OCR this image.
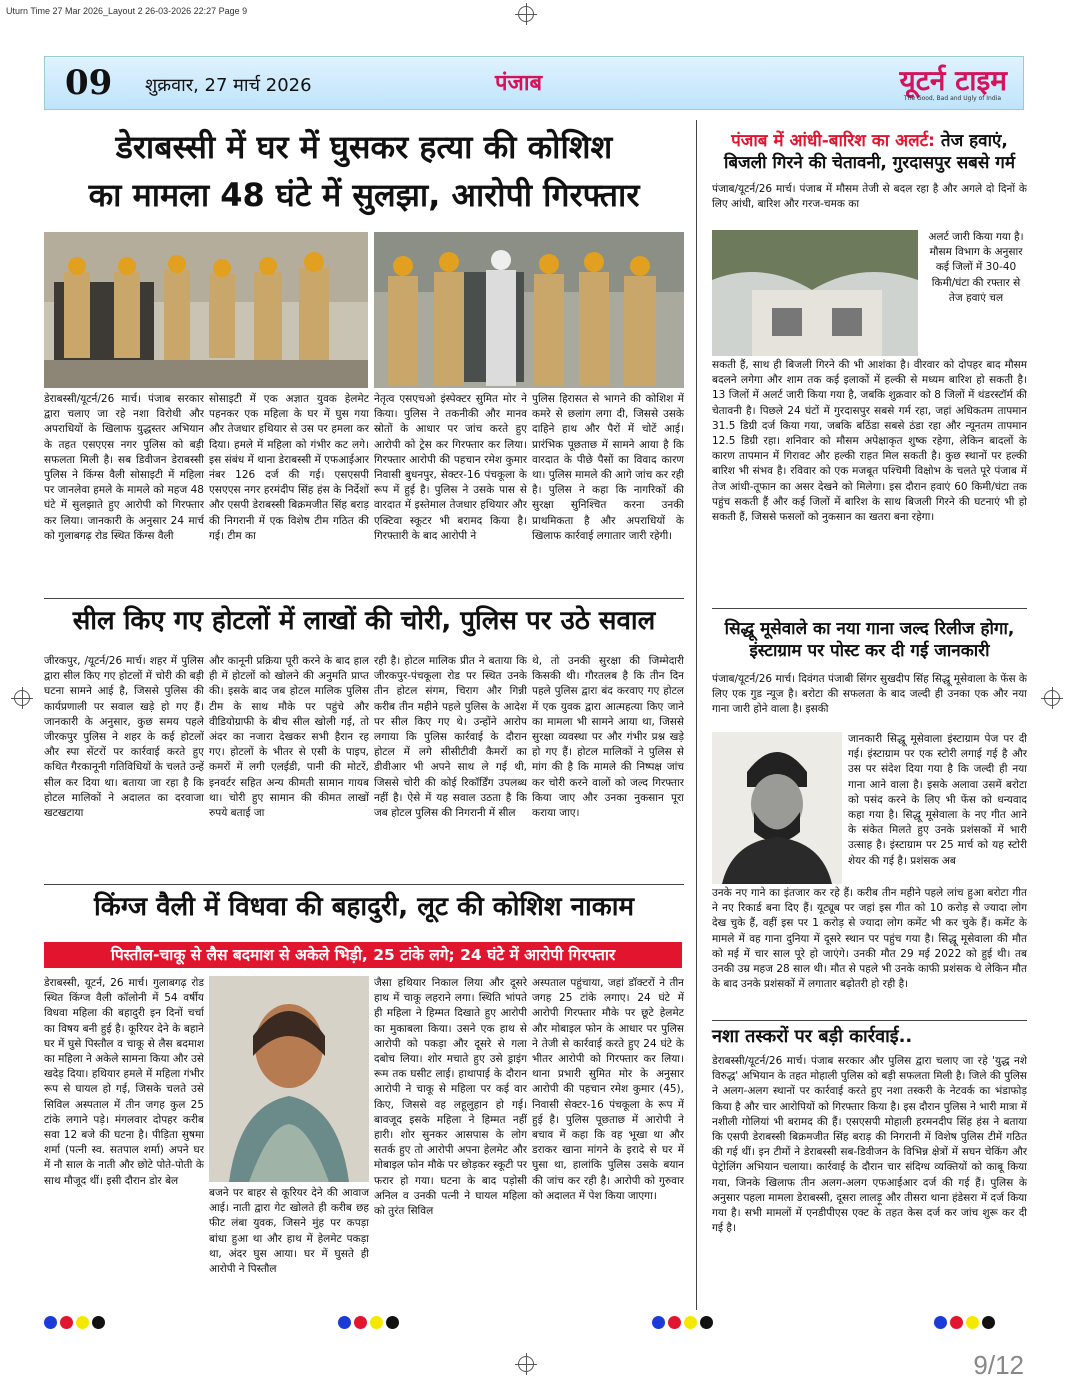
Uturn Time 27 Mar 2026_Layout 2 26-03-2026 22:27 Page 9
09 शुक्रवार, 27 मार्च 2026	पंजाब	यूटर्न टाइम
The Good, Bad and Ugly of India
डेराबस्सी में घर में घुसकर हत्या की कोशिश
का मामला 48 घंटे में सुलझा, आरोपी गिरफ्तार
डेराबस्सी/यूटर्न/26 मार्च। पंजाब सरकार द्वारा चलाए जा रहे नशा विरोधी और अपराधियों के खिलाफ युद्धस्तर अभियान के तहत एसएएस नगर पुलिस को बड़ी सफलता मिली है। सब डिवीजन डेराबस्सी पुलिस ने किंग्स वैली सोसाइटी में महिला पर जानलेवा हमले के मामले को महज 48 घंटे में सुलझाते हुए आरोपी को गिरफ्तार कर लिया। जानकारी के अनुसार 24 मार्च को गुलाबगढ़ रोड स्थित किंग्स वैली
सोसाइटी में एक अज्ञात युवक हेलमेट पहनकर एक महिला के घर में घुस गया और तेजधार हथियार से उस पर हमला कर दिया। हमले में महिला को गंभीर कट लगे। इस संबंध में थाना डेराबस्सी में एफआईआर नंबर 126 दर्ज की गई। एसएसपी एसएएस नगर हरमंदीप सिंह हंस के निर्देशों और एसपी डेराबस्सी बिक्रमजीत सिंह बराड़ की निगरानी में एक विशेष टीम गठित की गई। टीम का
नेतृत्व एसएचओ इंस्पेक्टर सुमित मोर ने किया। पुलिस ने तकनीकी और मानव स्रोतों के आधार पर जांच करते हुए आरोपी को ट्रेस कर गिरफ्तार कर लिया। गिरफ्तार आरोपी की पहचान रमेश कुमार निवासी बुधनपुर, सेक्टर-16 पंचकूला के रूप में हुई है। पुलिस ने उसके पास से वारदात में इस्तेमाल तेजधार हथियार और एक्टिवा स्कूटर भी बरामद किया है। गिरफ्तारी के बाद आरोपी ने
पुलिस हिरासत से भागने की कोशिश में कमरे से छलांग लगा दी, जिससे उसके दाहिने हाथ और पैरों में चोटें आई। प्रारंभिक पूछताछ में सामने आया है कि वारदात के पीछे पैसों का विवाद कारण था। पुलिस मामले की आगे जांच कर रही है। पुलिस ने कहा कि नागरिकों की सुरक्षा सुनिश्चित करना उनकी प्राथमिकता है और अपराधियों के खिलाफ कार्रवाई लगातार जारी रहेगी।
सील किए गए होटलों में लाखों की चोरी, पुलिस पर उठे सवाल
जीरकपुर, /यूटर्न/26 मार्च। शहर में पुलिस द्वारा सील किए गए होटलों में चोरी की बड़ी घटना सामने आई है, जिससे पुलिस की कार्यप्रणाली पर सवाल खड़े हो गए हैं। जानकारी के अनुसार, कुछ समय पहले जीरकपुर पुलिस ने शहर के कई होटलों और स्पा सेंटरों पर कार्रवाई करते हुए कथित गैरकानूनी गतिविधियों के चलते उन्हें सील कर दिया था। बताया जा रहा है कि होटल मालिकों ने अदालत का दरवाजा खटखटाया
और कानूनी प्रक्रिया पूरी करने के बाद हाल ही में होटलों को खोलने की अनुमति प्राप्त की। इसके बाद जब होटल मालिक पुलिस टीम के साथ मौके पर पहुंचे और वीडियोग्राफी के बीच सील खोली गई, तो अंदर का नजारा देखकर सभी हैरान रह गए। होटलों के भीतर से एसी के पाइप, कमरों में लगी एलईडी, पानी की मोटरें, इनवर्टर सहित अन्य कीमती सामान गायब था। चोरी हुए सामान की कीमत लाखों रुपये बताई जा
रही है। होटल मालिक प्रीत ने बताया कि जीरकपुर-पंचकूला रोड पर स्थित उनके तीन होटल संगम, चिराग और गिन्नी करीब तीन महीने पहले पुलिस के आदेश पर सील किए गए थे। उन्होंने आरोप लगाया कि पुलिस कार्रवाई के दौरान होटल में लगे सीसीटीवी कैमरों का डीवीआर भी अपने साथ ले गई थी, जिससे चोरी की कोई रिकॉर्डिंग उपलब्ध नहीं है। ऐसे में यह सवाल उठता है कि जब होटल पुलिस की निगरानी में सील
थे, तो उनकी सुरक्षा की जिम्मेदारी किसकी थी। गौरतलब है कि तीन दिन पहले पुलिस द्वारा बंद करवाए गए होटल में एक युवक द्वारा आत्महत्या किए जाने का मामला भी सामने आया था, जिससे सुरक्षा व्यवस्था पर और गंभीर प्रश्न खड़े हो गए हैं। होटल मालिकों ने पुलिस से मांग की है कि मामले की निष्पक्ष जांच कर चोरी करने वालों को जल्द गिरफ्तार किया जाए और उनका नुकसान पूरा कराया जाए।
किंग्ज वैली में विधवा की बहादुरी, लूट की कोशिश नाकाम
पिस्तौल-चाकू से लैस बदमाश से अकेले भिड़ी, 25 टांके लगे; 24 घंटे में आरोपी गिरफ्तार
डेराबस्सी, यूटर्न, 26 मार्च। गुलाबगढ़ रोड स्थित किंग्ज वैली कॉलोनी में 54 वर्षीय विधवा महिला की बहादुरी इन दिनों चर्चा का विषय बनी हुई है। कूरियर देने के बहाने घर में घुसे पिस्तौल व चाकू से लैस बदमाश का महिला ने अकेले सामना किया और उसे खदेड़ दिया। हथियार हमले में महिला गंभीर रूप से घायल हो गई, जिसके चलते उसे सिविल अस्पताल में तीन जगह कुल 25 टांके लगाने पड़े। मंगलवार दोपहर करीब सवा 12 बजे की घटना है। पीड़िता सुषमा शर्मा (पत्नी स्व. सतपाल शर्मा) अपने घर में नौ साल के नाती और छोटे पोते-पोती के साथ मौजूद थीं। इसी दौरान डोर बेल
बजने पर बाहर से कूरियर देने की आवाज आई। नाती द्वारा गेट खोलते ही करीब छह फीट लंबा युवक, जिसने मुंह पर कपड़ा बांधा हुआ था और हाथ में हेलमेट पकड़ा था, अंदर घुस आया। घर में घुसते ही आरोपी ने पिस्तौल
जैसा हथियार निकाल लिया और दूसरे हाथ में चाकू लहराने लगा। स्थिति भांपते ही महिला ने हिम्मत दिखाते हुए आरोपी का मुकाबला किया। उसने एक हाथ से आरोपी को पकड़ा और दूसरे से गला दबोच लिया। शोर मचाते हुए उसे ड्राइंग रूम तक घसीट लाई। हाथापाई के दौरान आरोपी ने चाकू से महिला पर कई वार किए, जिससे वह लहूलुहान हो गई। बावजूद इसके महिला ने हिम्मत नहीं हारी। शोर सुनकर आसपास के लोग सतर्क हुए तो आरोपी अपना हेलमेट और मोबाइल फोन मौके पर छोड़कर स्कूटी पर फरार हो गया। घटना के बाद पड़ोसी अनिल व उनकी पत्नी ने घायल महिला को तुरंत सिविल
अस्पताल पहुंचाया, जहां डॉक्टरों ने तीन जगह 25 टांके लगाए। 24 घंटे में आरोपी गिरफ्तार मौके पर छूटे हेलमेट और मोबाइल फोन के आधार पर पुलिस ने तेजी से कार्रवाई करते हुए 24 घंटे के भीतर आरोपी को गिरफ्तार कर लिया। थाना प्रभारी सुमित मोर के अनुसार आरोपी की पहचान रमेश कुमार (45), निवासी सेक्टर-16 पंचकूला के रूप में हुई है। पुलिस पूछताछ में आरोपी ने बचाव में कहा कि वह भूखा था और डराकर खाना मांगने के इरादे से घर में घुसा था, हालांकि पुलिस उसके बयान की जांच कर रही है। आरोपी को गुरुवार को अदालत में पेश किया जाएगा।
पंजाब में आंधी-बारिश का अलर्ट: तेज हवाएं,
बिजली गिरने की चेतावनी, गुरदासपुर सबसे गर्म
पंजाब/यूटर्न/26 मार्च। पंजाब में मौसम तेजी से बदल रहा है और अगले दो दिनों के लिए आंधी, बारिश और गरज-चमक का
अलर्ट जारी किया गया है। मौसम विभाग के अनुसार कई जिलों में 30-40 किमी/घंटा की रफ्तार से तेज हवाएं चल
सकती हैं, साथ ही बिजली गिरने की भी आशंका है। वीरवार को दोपहर बाद मौसम बदलने लगेगा और शाम तक कई इलाकों में हल्की से मध्यम बारिश हो सकती है। 13 जिलों में अलर्ट जारी किया गया है, जबकि शुक्रवार को 8 जिलों में थंडरस्टॉर्म की चेतावनी है। पिछले 24 घंटों में गुरदासपुर सबसे गर्म रहा, जहां अधिकतम तापमान 31.5 डिग्री दर्ज किया गया, जबकि बठिंडा सबसे ठंडा रहा और न्यूनतम तापमान 12.5 डिग्री रहा। शनिवार को मौसम अपेक्षाकृत शुष्क रहेगा, लेकिन बादलों के कारण तापमान में गिरावट और हल्की राहत मिल सकती है। कुछ स्थानों पर हल्की बारिश भी संभव है। रविवार को एक मजबूत पश्चिमी विक्षोभ के चलते पूरे पंजाब में तेज आंधी-तूफान का असर देखने को मिलेगा। इस दौरान हवाएं 60 किमी/घंटा तक पहुंच सकती हैं और कई जिलों में बारिश के साथ बिजली गिरने की घटनाएं भी हो सकती हैं, जिससे फसलों को नुकसान का खतरा बना रहेगा।
सिद्धू मूसेवाले का नया गाना जल्द रिलीज होगा,
इंस्टाग्राम पर पोस्ट कर दी गई जानकारी
पंजाब/यूटर्न/26 मार्च। दिवंगत पंजाबी सिंगर सुखदीप सिंह सिद्धू मूसेवाला के फेंस के लिए एक गुड न्यूज है। बरोटा की सफलता के बाद जल्दी ही उनका एक और नया गाना जारी होने वाला है। इसकी
जानकारी सिद्धू मूसेवाला इंस्टाग्राम पेज पर दी गई। इंस्टाग्राम पर एक स्टोरी लगाई गई है और उस पर संदेश दिया गया है कि जल्दी ही नया गाना आने वाला है। इसके अलावा उसमें बरोटा को पसंद करने के लिए भी फेंस को धन्यवाद कहा गया है। सिद्धू मूसेवाला के नए गीत आने के संकेत मिलते हुए उनके प्रशंसकों में भारी उत्साह है। इंस्टाग्राम पर 25 मार्च को यह स्टोरी शेयर की गई है। प्रशंसक अब
उनके नए गाने का इंतजार कर रहे हैं। करीब तीन महीने पहले लांच हुआ बरोटा गीत ने नए रिकार्ड बना दिए हैं। यूट्यूब पर जहां इस गीत को 10 करोड़ से ज्यादा लोग देख चुके हैं, वहीं इस पर 1 करोड़ से ज्यादा लोग कमेंट भी कर चुके हैं। कमेंट के मामले में वह गाना दुनिया में दूसरे स्थान पर पहुंच गया है। सिद्धू मूसेवाला की मौत को मई में चार साल पूरे हो जाएंगे। उनकी मौत 29 मई 2022 को हुई थी। तब उनकी उम्र महज 28 साल थी। मौत से पहले भी उनके काफी प्रशंसक थे लेकिन मौत के बाद उनके प्रशंसकों में लगातार बढ़ोतरी हो रही है।
नशा तस्करों पर बड़ी कार्रवाई..
डेराबस्सी/यूटर्न/26 मार्च। पंजाब सरकार और पुलिस द्वारा चलाए जा रहे 'युद्ध नशे विरुद्ध' अभियान के तहत मोहाली पुलिस को बड़ी सफलता मिली है। जिले की पुलिस ने अलग-अलग स्थानों पर कार्रवाई करते हुए नशा तस्करी के नेटवर्क का भंडाफोड़ किया है और चार आरोपियों को गिरफ्तार किया है। इस दौरान पुलिस ने भारी मात्रा में नशीली गोलियां भी बरामद की हैं। एसएसपी मोहाली हरमनदीप सिंह हंस ने बताया कि एसपी डेराबस्सी बिक्रमजीत सिंह बराड़ की निगरानी में विशेष पुलिस टीमें गठित की गई थीं। इन टीमों ने डेराबस्सी सब-डिवीजन के विभिन्न क्षेत्रों में सघन चेकिंग और पेट्रोलिंग अभियान चलाया। कार्रवाई के दौरान चार संदिग्ध व्यक्तियों को काबू किया गया, जिनके खिलाफ तीन अलग-अलग एफआईआर दर्ज की गई हैं। पुलिस के अनुसार पहला मामला डेराबस्सी, दूसरा लालड़ू और तीसरा थाना हंडेसरा में दर्ज किया गया है। सभी मामलों में एनडीपीएस एक्ट के तहत केस दर्ज कर जांच शुरू कर दी गई है।
9/12
